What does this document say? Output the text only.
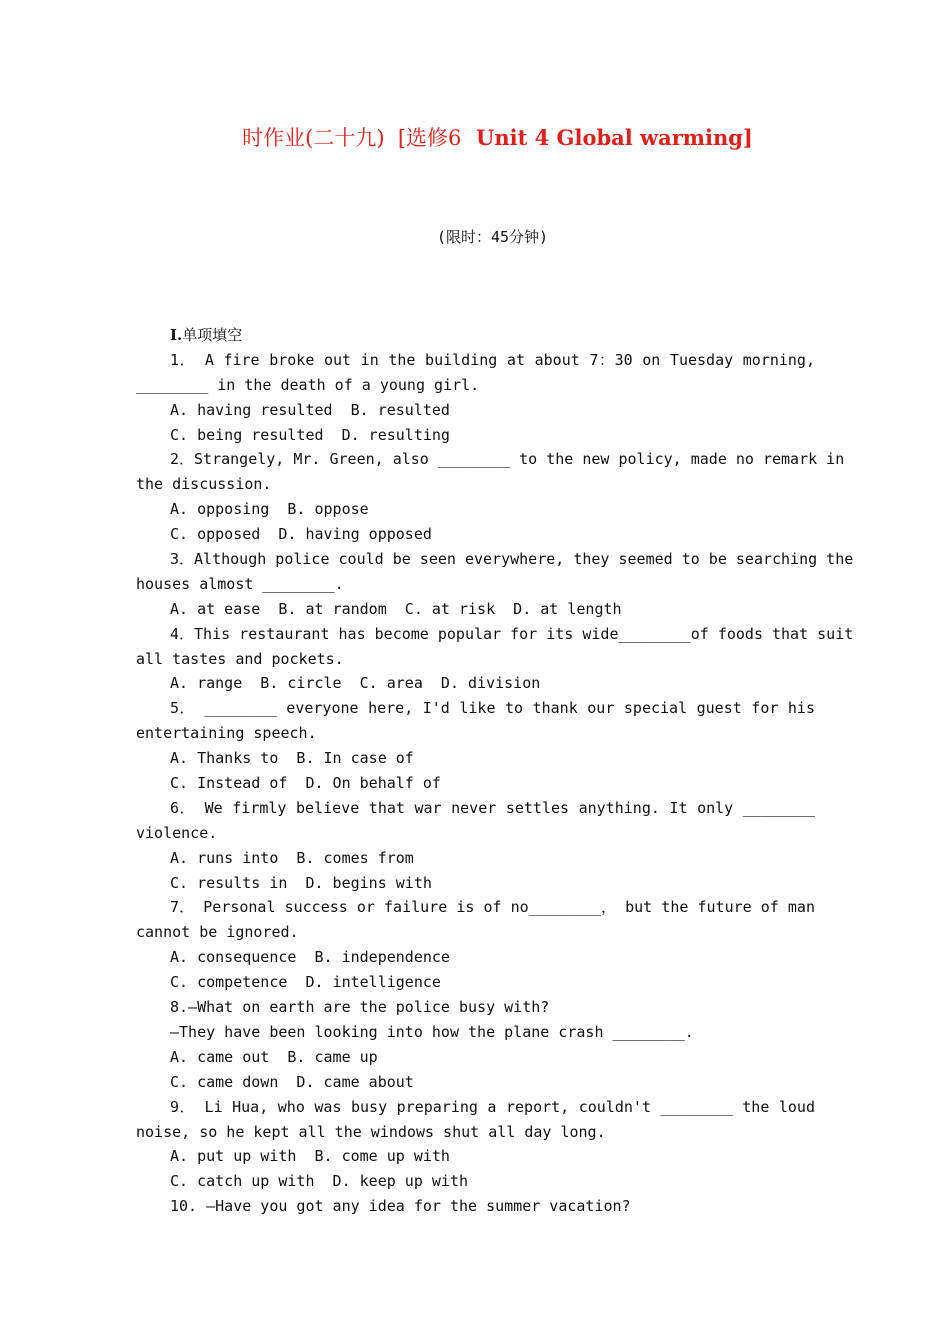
时作业(二十九)  [选修6  Unit 4 Global warming]
(限时：45分钟)
Ⅰ.单项填空
1． A fire broke out in the building at about 7：30 on Tuesday morning,
________ in the death of a young girl.
A. having resulted  B. resulted
C. being resulted  D. resulting
2．Strangely, Mr. Green, also ________ to the new policy, made no remark in
the discussion.
A. opposing  B. oppose
C. opposed  D. having opposed
3．Although police could be seen everywhere, they seemed to be searching the
houses almost ________.
A. at ease  B. at random  C. at risk  D. at length
4．This restaurant has become popular for its wide________of foods that suit
all tastes and pockets.
A. range  B. circle  C. area  D. division
5． ________ everyone here, I'd like to thank our special guest for his
entertaining speech.
A. Thanks to  B. In case of
C. Instead of  D. On behalf of
6． We firmly believe that war never settles anything. It only ________
violence.
A. runs into  B. comes from
C. results in  D. begins with
7． Personal success or failure is of no________， but the future of man
cannot be ignored.
A. consequence  B. independence
C. competence  D. intelligence
8.—What on earth are the police busy with?
—They have been looking into how the plane crash ________.
A. came out  B. came up
C. came down  D. came about
9． Li Hua, who was busy preparing a report, couldn't ________ the loud
noise, so he kept all the windows shut all day long.
A. put up with  B. come up with
C. catch up with  D. keep up with
10. —Have you got any idea for the summer vacation?
